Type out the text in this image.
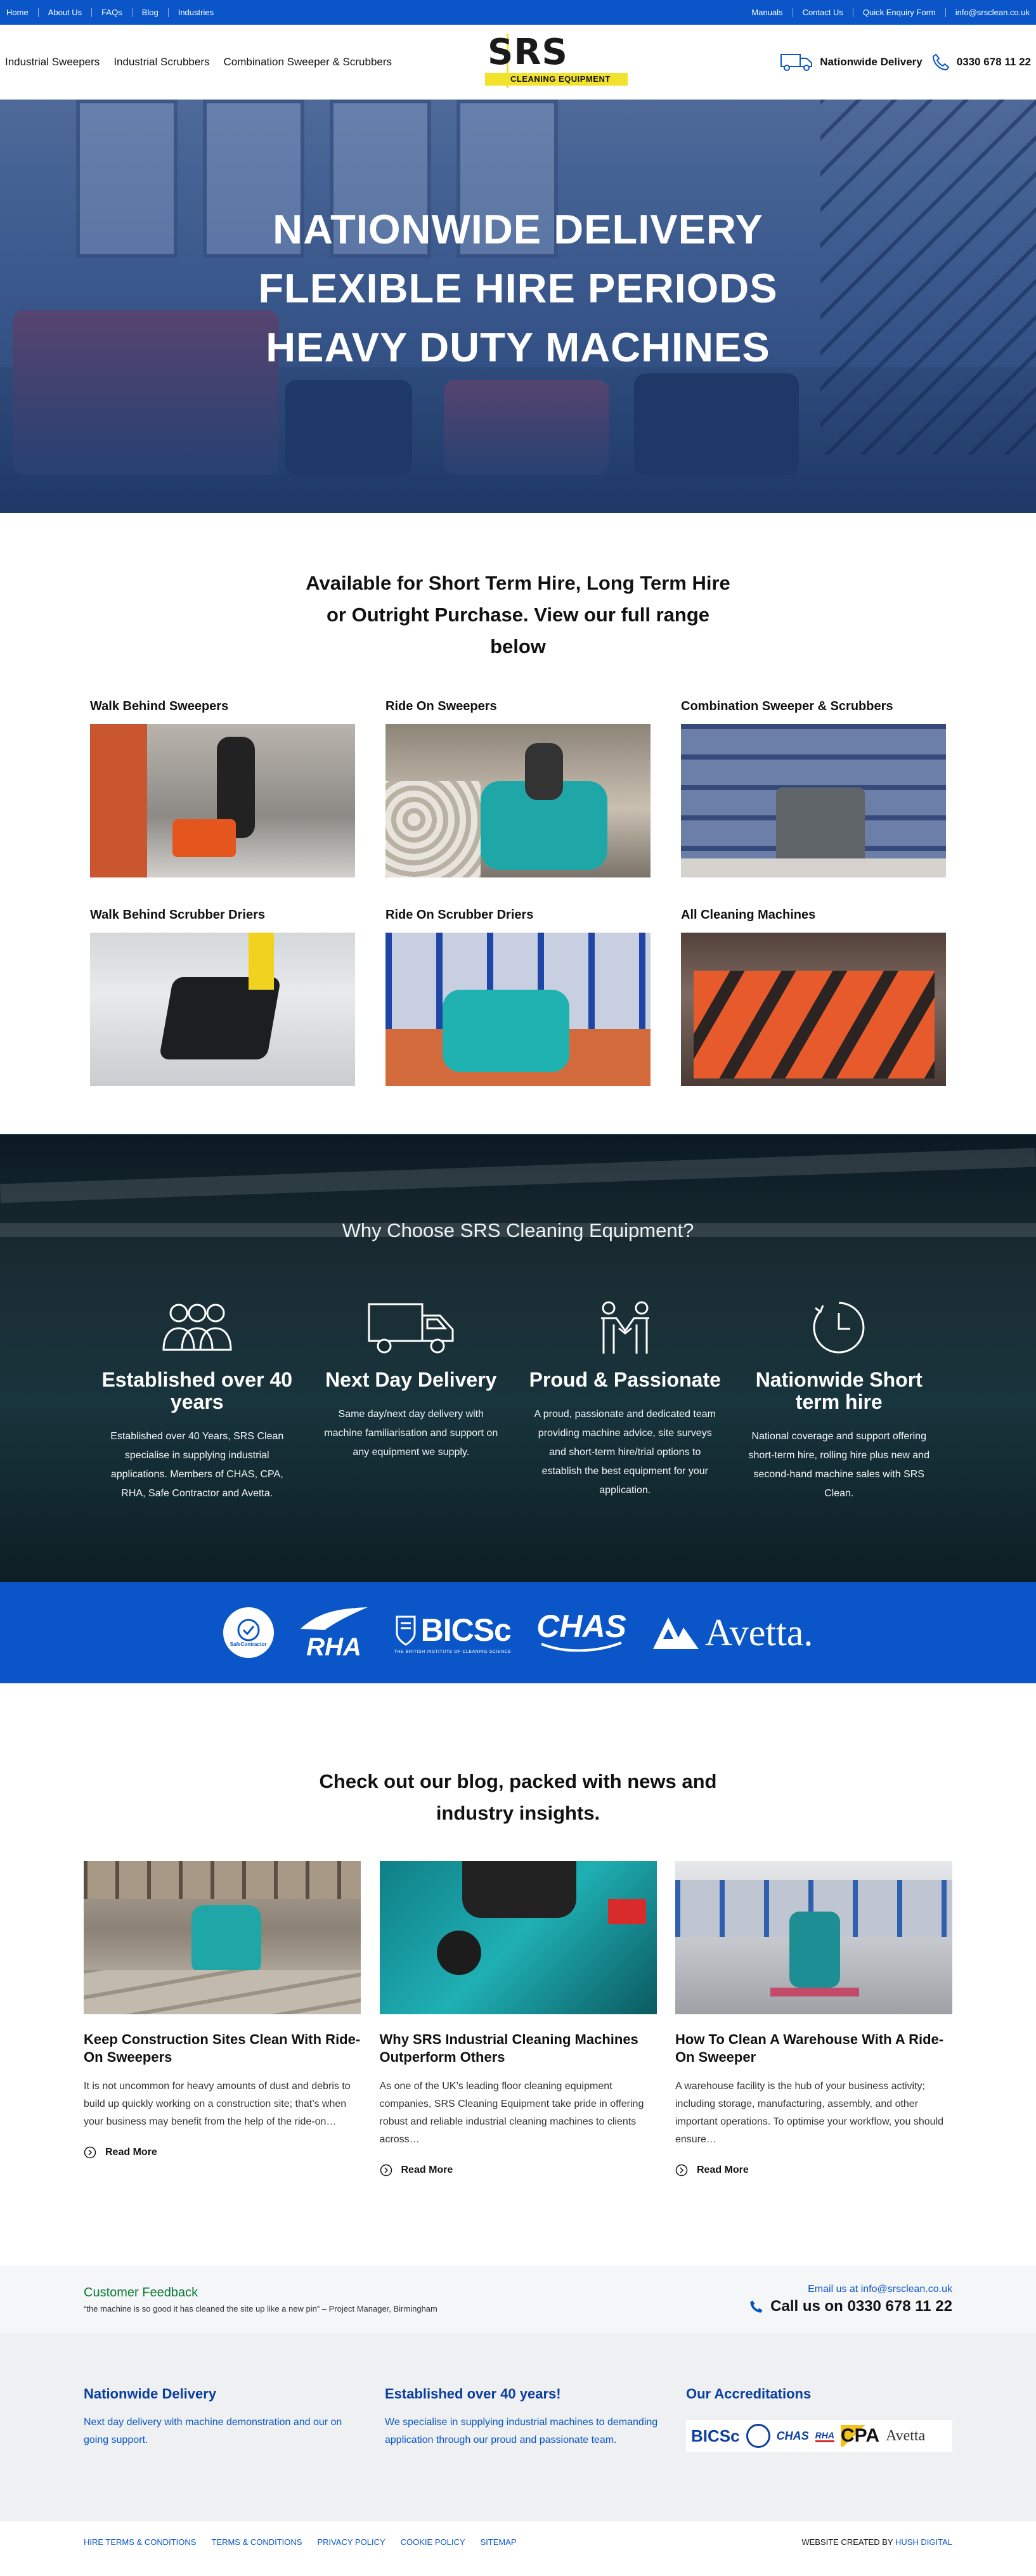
Home About Us FAQs Blog Industries	Manuals Contact Us Quick Enquiry Form info@srsclean.co.uk
Industrial Sweepers Industrial Scrubbers Combination Sweeper & Scrubbers	SRS
CLEANING EQUIPMENT
Nationwide Delivery	0330 678 11 22
NATIONWIDE DELIVERY
FLEXIBLE HIRE PERIODS
HEAVY DUTY MACHINES
Available for Short Term Hire, Long Term Hire or Outright Purchase. View our full range below
Walk Behind Sweepers	Ride On Sweepers	Combination Sweeper & Scrubbers
Walk Behind Scrubber Driers	Ride On Scrubber Driers	All Cleaning Machines
Why Choose SRS Cleaning Equipment?
Established over 40 years

Established over 40 Years, SRS Clean specialise in supplying industrial applications. Members of CHAS, CPA, RHA, Safe Contractor and Avetta.

Next Day Delivery

Same day/next day delivery with machine familiarisation and support on any equipment we supply.

Proud & Passionate

A proud, passionate and dedicated team providing machine advice, site surveys and short-term hire/trial options to establish the best equipment for your application.

Nationwide Short term hire

National coverage and support offering short-term hire, rolling hire plus new and second-hand machine sales with SRS Clean.

SafeContractor RHA BICSc
THE BRITISH INSTITUTE OF CLEANING SCIENCE
CHAS Avetta.
Check out our blog, packed with news and industry insights.
Keep Construction Sites Clean With Ride-On Sweepers

It is not uncommon for heavy amounts of dust and debris to build up quickly working on a construction site; that’s when your business may benefit from the help of the ride-on…

Read More
Why SRS Industrial Cleaning Machines Outperform Others

As one of the UK’s leading floor cleaning equipment companies, SRS Cleaning Equipment take pride in offering robust and reliable industrial cleaning machines to clients across…

Read More
How To Clean A Warehouse With A Ride-On Sweeper

A warehouse facility is the hub of your business activity; including storage, manufacturing, assembly, and other important operations. To optimise your workflow, you should ensure…

Read More
Customer Feedback
“the machine is so good it has cleaned the site up like a new pin” – Project Manager, Birmingham
Email us at info@srsclean.co.uk
Call us on 0330 678 11 22
Nationwide Delivery

Next day delivery with machine demonstration and our on going support.

Established over 40 years!

We specialise in supplying industrial machines to demanding application through our proud and passionate team.

Our Accreditations
BICSc	CHAS RHA CPA Avetta
HIRE TERMS & CONDITIONS TERMS & CONDITIONS PRIVACY POLICY COOKIE POLICY SITEMAP	WEBSITE CREATED BY HUSH DIGITAL
